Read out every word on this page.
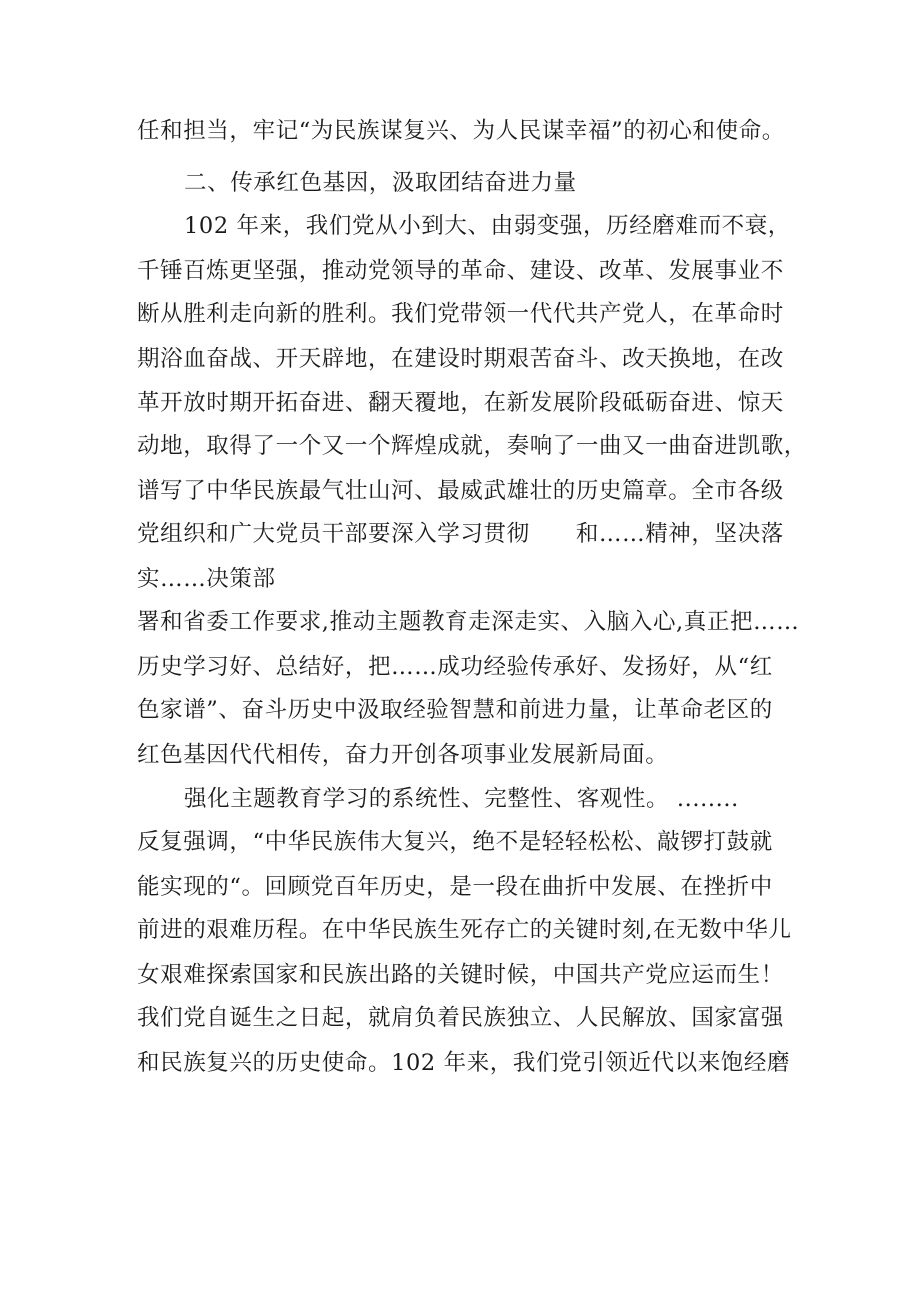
任和担当，牢记“为民族谋复兴、为人民谋幸福”的初心和使命。

二、传承红色基因，汲取团结奋进力量

102 年来，我们党从小到大、由弱变强，历经磨难而不衰，

千锤百炼更坚强，推动党领导的革命、建设、改革、发展事业不

断从胜利走向新的胜利。我们党带领一代代共产党人，在革命时

期浴血奋战、开天辟地，在建设时期艰苦奋斗、改天换地，在改

革开放时期开拓奋进、翻天覆地，在新发展阶段砥砺奋进、惊天

动地，取得了一个又一个辉煌成就，奏响了一曲又一曲奋进凯歌，

谱写了中华民族最气壮山河、最威武雄壮的历史篇章。全市各级

党组织和广大党员干部要深入学习贯彻　　和……精神，坚决落

实……决策部

署和省委工作要求,推动主题教育走深走实、入脑入心,真正把……

历史学习好、总结好，把……成功经验传承好、发扬好，从“红

色家谱”、奋斗历史中汲取经验智慧和前进力量，让革命老区的

红色基因代代相传，奋力开创各项事业发展新局面。

强化主题教育学习的系统性、完整性、客观性。 ........

反复强调，“中华民族伟大复兴，绝不是轻轻松松、敲锣打鼓就

能实现的“。回顾党百年历史，是一段在曲折中发展、在挫折中

前进的艰难历程。在中华民族生死存亡的关键时刻,在无数中华儿

女艰难探索国家和民族出路的关键时候，中国共产党应运而生！

我们党自诞生之日起，就肩负着民族独立、人民解放、国家富强

和民族复兴的历史使命。102 年来，我们党引领近代以来饱经磨
